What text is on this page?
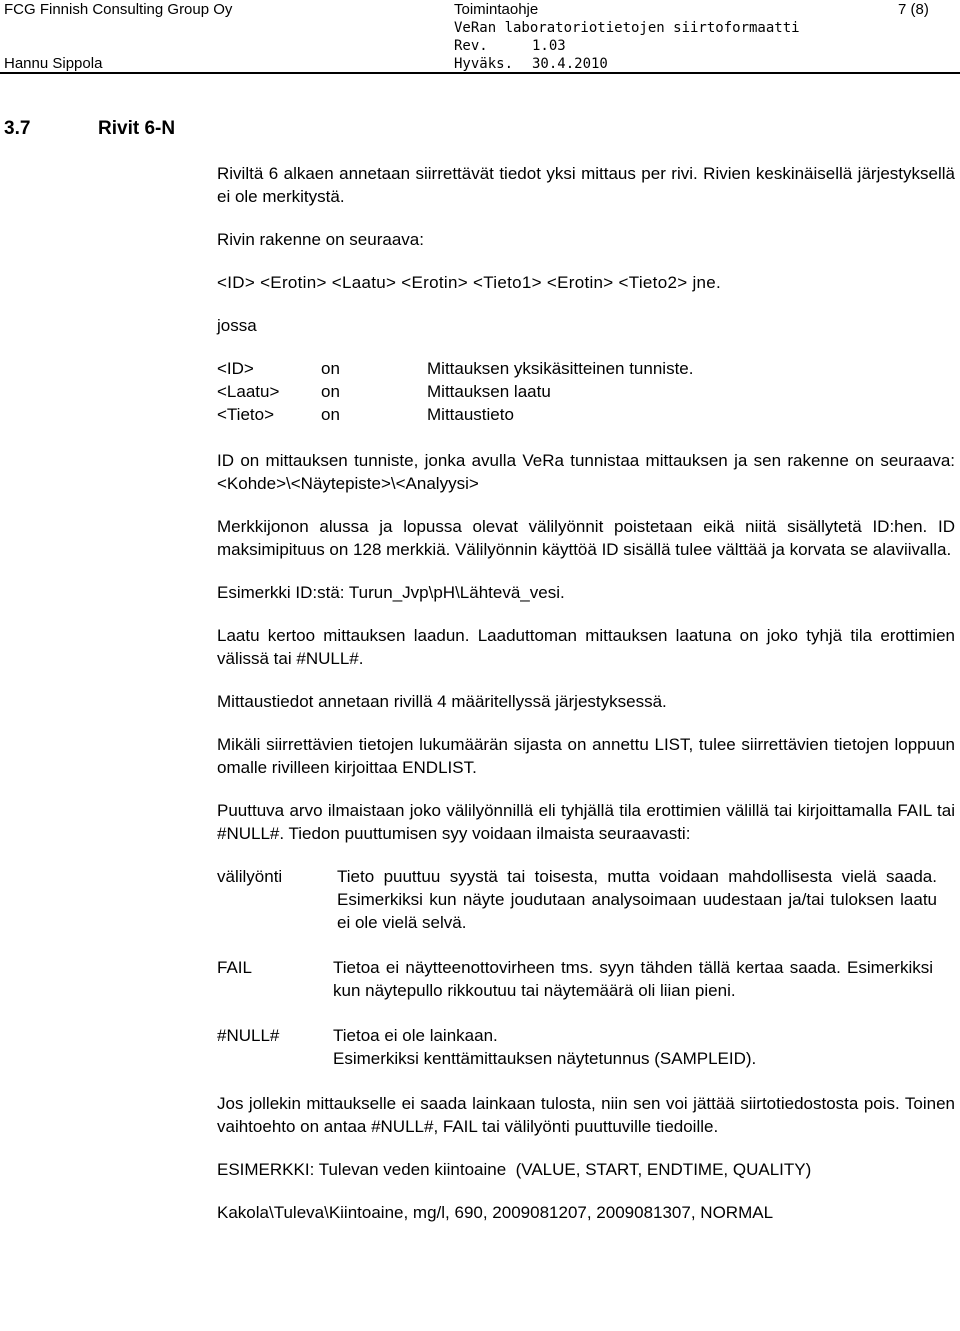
FCG Finnish Consulting Group Oy	Toimintaohje	7 (8)
VeRan laboratoriotietojen siirtoformaatti
Rev.	1.03
Hannu Sippola	Hyväks. 30.4.2010
3.7	Rivit 6-N

Riviltä 6 alkaen annetaan siirrettävät tiedot yksi mittaus per rivi. Rivien keskinäisellä järjestyksellä ei ole merkitystä.

Rivin rakenne on seuraava:

<ID> <Erotin> <Laatu> <Erotin> <Tieto1> <Erotin> <Tieto2> jne.

jossa

<ID>	on	Mittauksen yksikäsitteinen tunniste.
<Laatu>	on	Mittauksen laatu
<Tieto>	on	Mittaustieto

ID on mittauksen tunniste, jonka avulla VeRa tunnistaa mittauksen ja sen rakenne on seuraava: <Kohde>\<Näytepiste>\<Analyysi>

Merkkijonon alussa ja lopussa olevat välilyönnit poistetaan eikä niitä sisällytetä ID:hen. ID maksimipituus on 128 merkkiä. Välilyönnin käyttöä ID sisällä tulee välttää ja korvata se alaviivalla.

Esimerkki ID:stä: Turun_Jvp\pH\Lähtevä_vesi.

Laatu kertoo mittauksen laadun. Laaduttoman mittauksen laatuna on joko tyhjä tila erottimien välissä tai #NULL#.

Mittaustiedot annetaan rivillä 4 määritellyssä järjestyksessä.

Mikäli siirrettävien tietojen lukumäärän sijasta on annettu LIST, tulee siirrettävien tietojen loppuun omalle rivilleen kirjoittaa ENDLIST.

Puuttuva arvo ilmaistaan joko välilyönnillä eli tyhjällä tila erottimien välillä tai kirjoittamalla FAIL tai #NULL#. Tiedon puuttumisen syy voidaan ilmaista seuraavasti:

välilyönti	Tieto puuttuu syystä tai toisesta, mutta voidaan mahdollisesta vielä saada. Esimerkiksi kun näyte joudutaan analysoimaan uudestaan ja/tai tuloksen laatu ei ole vielä selvä.
FAIL	Tietoa ei näytteenottovirheen tms. syyn tähden tällä kertaa saada. Esimerkiksi kun näytepullo rikkoutuu tai näytemäärä oli liian pieni.
#NULL#	Tietoa ei ole lainkaan.
Esimerkiksi kenttämittauksen näytetunnus (SAMPLEID).

Jos jollekin mittaukselle ei saada lainkaan tulosta, niin sen voi jättää siirtotiedostosta pois. Toinen vaihtoehto on antaa #NULL#, FAIL tai välilyönti puuttuville tiedoille.

ESIMERKKI: Tulevan veden kiintoaine  (VALUE, START, ENDTIME, QUALITY)

Kakola\Tuleva\Kiintoaine, mg/l, 690, 2009081207, 2009081307, NORMAL
